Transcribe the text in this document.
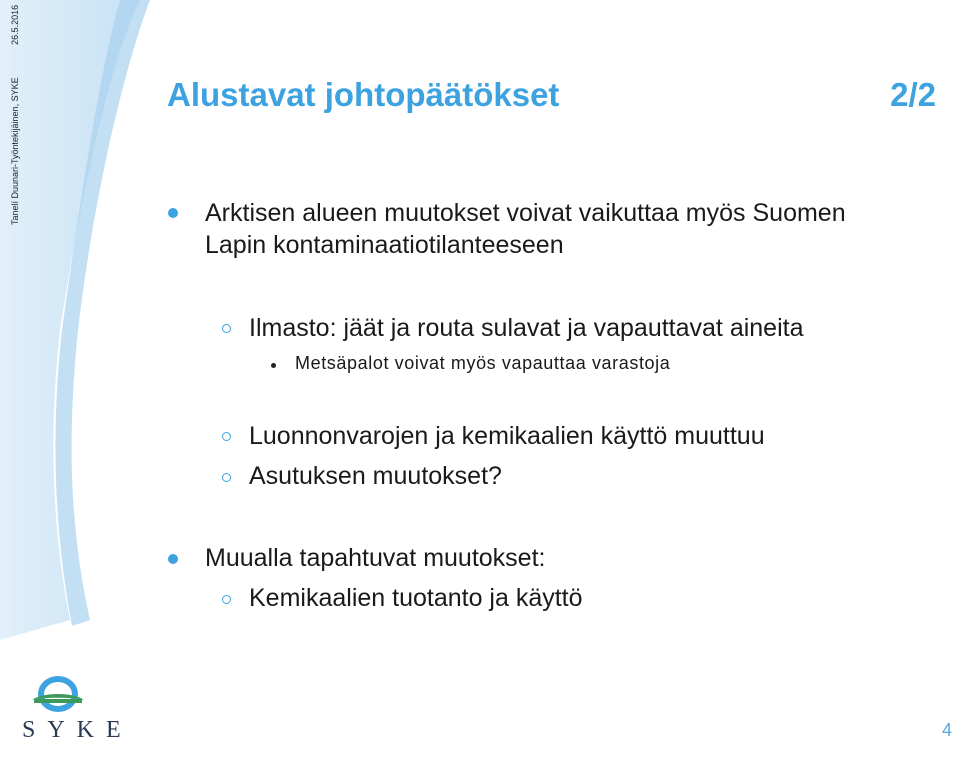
Tanelí Duunari-Työntekijäinen, SYKE 26.5.2016
Alustavat johtopäätökset	2/2
Arktisen alueen muutokset voivat vaikuttaa myös Suomen
Lapin kontaminaatiotilanteeseen
Ilmasto: jäät ja routa sulavat ja vapauttavat aineita
Metsäpalot voivat myös vapauttaa varastoja
Luonnonvarojen ja kemikaalien käyttö muuttuu
Asutuksen muutokset?
Muualla tapahtuvat muutokset:
Kemikaalien tuotanto ja käyttö
SYKE	4
